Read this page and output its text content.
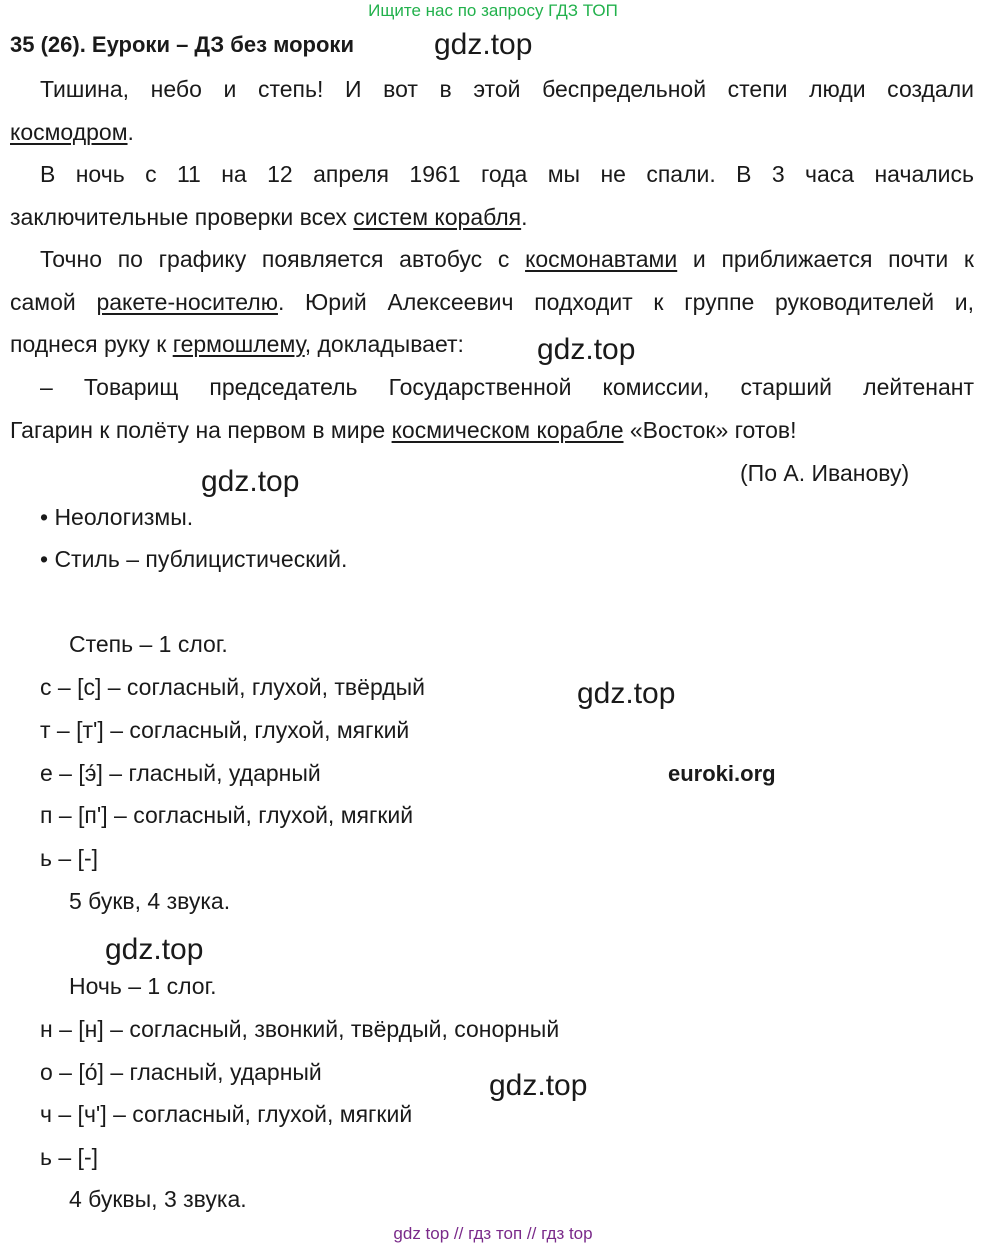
Ищите нас по запросу ГДЗ ТОП
35 (26). Еуроки – ДЗ без мороки	gdz.top
Тишина, небо и степь! И вот в этой беспредельной степи люди создали
космодром.
В ночь с 11 на 12 апреля 1961 года мы не спали. В 3 часа начались
заключительные проверки всех систем корабля.
Точно по графику появляется автобус с космонавтами и приближается почти к
самой ракете-носителю. Юрий Алексеевич подходит к группе руководителей и,
поднеся руку к гермошлему, докладывает:	gdz.top
– Товарищ председатель Государственной комиссии, старший лейтенант
Гагарин к полёту на первом в мире космическом корабле «Восток» готов!
(По А. Иванову)
gdz.top
• Неологизмы.
• Стиль – публицистический.
Степь – 1 слог.
с – [с] – согласный, глухой, твёрдый	gdz.top
т – [т'] – согласный, глухой, мягкий
е – [э́] – гласный, ударный	euroki.org
п – [п'] – согласный, глухой, мягкий
ь – [-]
5 букв, 4 звука.
gdz.top
Ночь – 1 слог.
н – [н] – согласный, звонкий, твёрдый, сонорный
о – [о́] – гласный, ударный	gdz.top
ч – [ч'] – согласный, глухой, мягкий
ь – [-]
4 буквы, 3 звука.
gdz top // гдз топ // гдз top
